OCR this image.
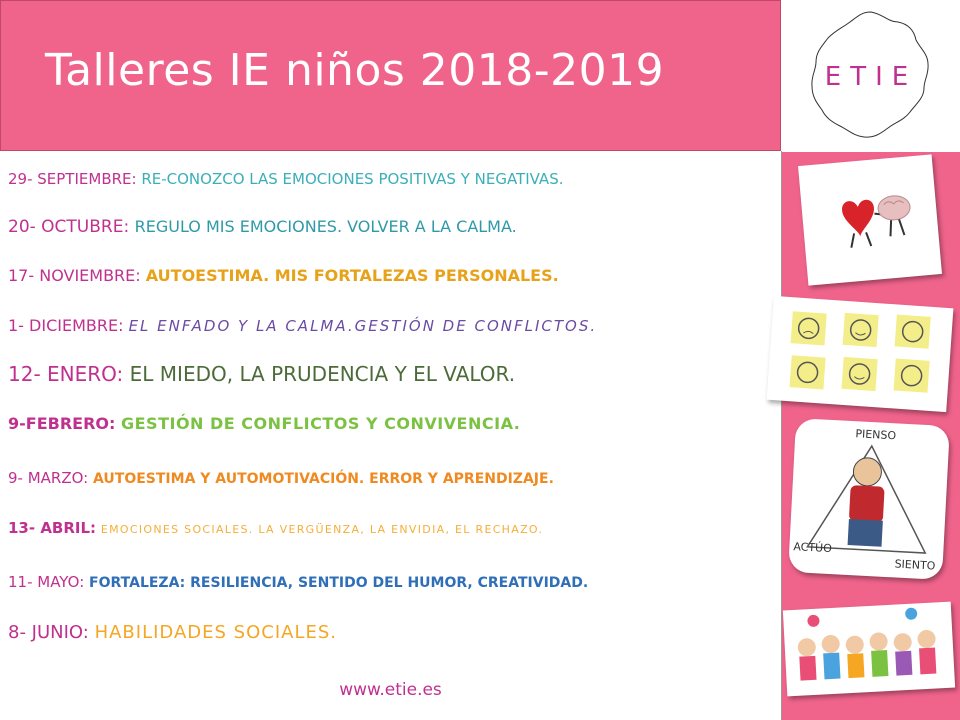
Talleres IE niños 2018-2019	ETIE
29- SEPTIEMBRE: RE-CONOZCO LAS EMOCIONES POSITIVAS Y NEGATIVAS.
20- OCTUBRE: REGULO MIS EMOCIONES. VOLVER A LA CALMA.
17- NOVIEMBRE: AUTOESTIMA. MIS FORTALEZAS PERSONALES.
1- DICIEMBRE: EL ENFADO Y LA CALMA.GESTIÓN DE CONFLICTOS.
12- ENERO: EL MIEDO, LA PRUDENCIA Y EL VALOR.
9-FEBRERO: GESTIÓN DE CONFLICTOS Y CONVIVENCIA.
9- MARZO: AUTOESTIMA Y AUTOMOTIVACIÓN. ERROR Y APRENDIZAJE.
13- ABRIL: EMOCIONES SOCIALES. LA VERGÜENZA, LA ENVIDIA, EL RECHAZO.
11- MAYO: FORTALEZA: RESILIENCIA, SENTIDO DEL HUMOR, CREATIVIDAD.
8- JUNIO: HABILIDADES SOCIALES.
www.etie.es
PIENSO
ACTÚO
SIENTO
